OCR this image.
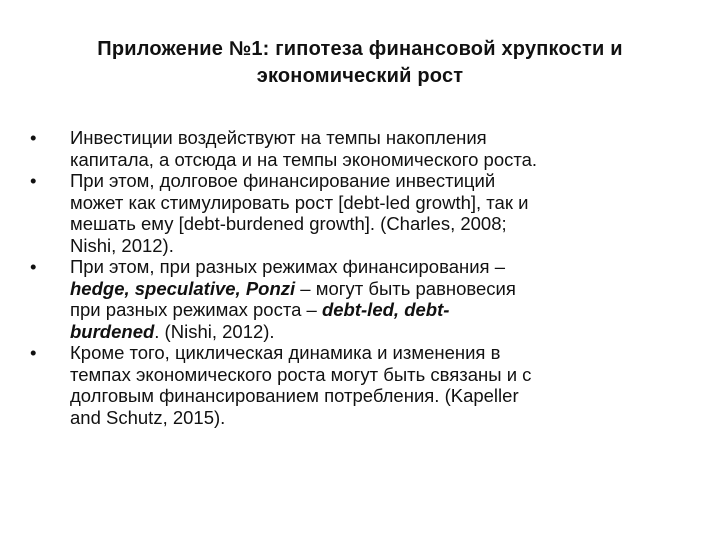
Приложение №1: гипотеза финансовой хрупкости и
экономический рост
•	Инвестиции воздействуют на темпы накопления
капитала, а отсюда и на темпы экономического роста.
•	При этом, долговое финансирование инвестиций
может как стимулировать рост [debt-led growth], так и
мешать ему [debt-burdened growth]. (Charles, 2008;
Nishi, 2012).
•	При этом, при разных режимах финансирования –
hedge, speculative, Ponzi – могут быть равновесия
при разных режимах роста – debt-led, debt-
burdened. (Nishi, 2012).
•	Кроме того, циклическая динамика и изменения в
темпах экономического роста могут быть связаны и с
долговым финансированием потребления. (Kapeller
and Schutz, 2015).
